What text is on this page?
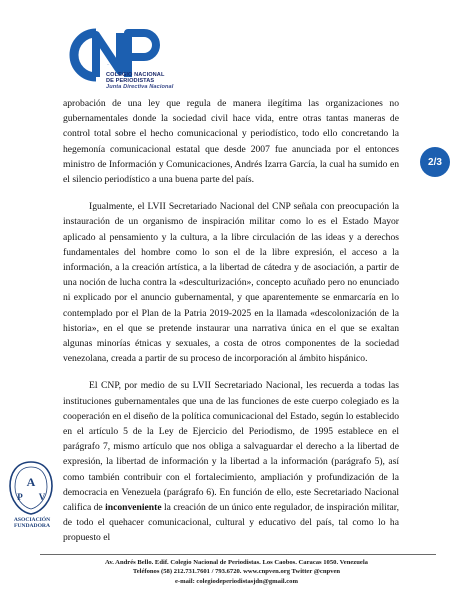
CNP
COLEGIO NACIONAL
DE PERIODISTAS
Junta Directiva Nacional
2/3

aprobación de una ley que regula de manera ilegítima las organizaciones no gubernamentales donde la sociedad civil hace vida, entre otras tantas maneras de control total sobre el hecho comunicacional y periodístico, todo ello concretando la hegemonía comunicacional estatal que desde 2007 fue anunciada por el entonces ministro de Información y Comunicaciones, Andrés Izarra García, la cual ha sumido en el silencio periodístico a una buena parte del país.

Igualmente, el LVII Secretariado Nacional del CNP señala con preocupación la instauración de un organismo de inspiración militar como lo es el Estado Mayor aplicado al pensamiento y la cultura, a la libre circulación de las ideas y a derechos fundamentales del hombre como lo son el de la libre expresión, el acceso a la información, a la creación artística, a la libertad de cátedra y de asociación, a partir de una noción de lucha contra la «desculturización», concepto acuñado pero no enunciado ni explicado por el anuncio gubernamental, y que aparentemente se enmarcaría en lo contemplado por el Plan de la Patria 2019-2025 en la llamada «descolonización de la historia», en el que se pretende instaurar una narrativa única en el que se exaltan algunas minorías étnicas y sexuales, a costa de otros componentes de la sociedad venezolana, creada a partir de su proceso de incorporación al ámbito hispánico.

El CNP, por medio de su LVII Secretariado Nacional, les recuerda a todas las instituciones gubernamentales que una de las funciones de este cuerpo colegiado es la cooperación en el diseño de la política comunicacional del Estado, según lo establecido en el artículo 5 de la Ley de Ejercicio del Periodismo, de 1995 establece en el parágrafo 7, mismo artículo que nos obliga a salvaguardar el derecho a la libertad de expresión, la libertad de información y la libertad a la información (parágrafo 5), así como también contribuir con el fortalecimiento, ampliación y profundización de la democracia en Venezuela (parágrafo 6). En función de ello, este Secretariado Nacional califica de inconveniente la creación de un único ente regulador, de inspiración militar, de todo el quehacer comunicacional, cultural y educativo del país, tal como lo ha propuesto el

A
P V
ASOCIACIÓN
FUNDADORA
Av. Andrés Bello. Edif. Colegio Nacional de Periodistas. Los Caobos. Caracas 1050. Venezuela
Teléfonos (58) 212.731.7601 / 793.6720. www.cnpven.org Twitter @cnpven
e-mail: colegiodeperiodistasjdn@gmail.com
